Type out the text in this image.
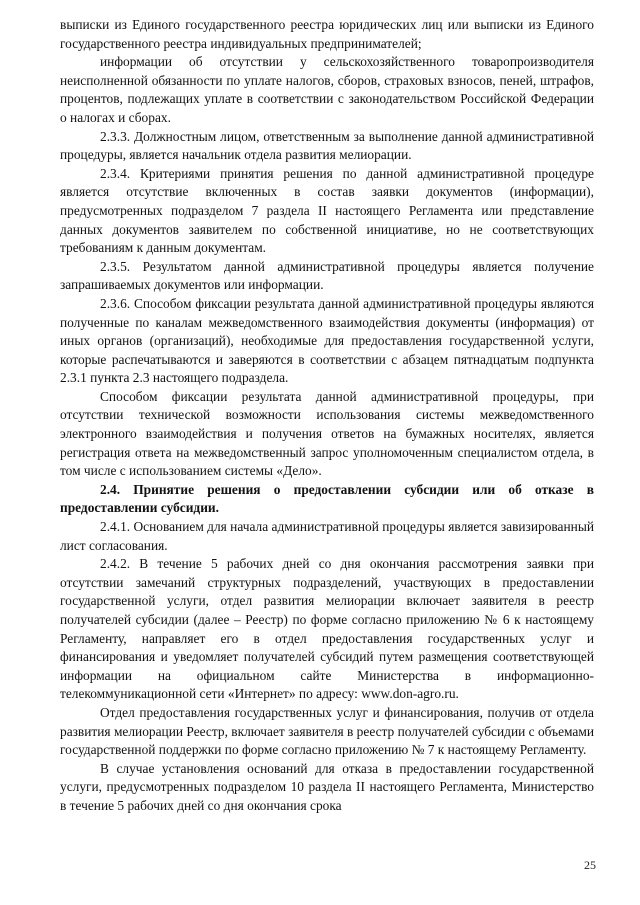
выписки из Единого государственного реестра юридических лиц или выписки из Единого государственного реестра индивидуальных предпринимателей;

информации об отсутствии у сельскохозяйственного товаропроизводителя неисполненной обязанности по уплате налогов, сборов, страховых взносов, пеней, штрафов, процентов, подлежащих уплате в соответствии с законодательством Российской Федерации о налогах и сборах.

2.3.3. Должностным лицом, ответственным за выполнение данной административной процедуры, является начальник отдела развития мелиорации.

2.3.4. Критериями принятия решения по данной административной процедуре является отсутствие включенных в состав заявки документов (информации), предусмотренных подразделом 7 раздела II настоящего Регламента или представление данных документов заявителем по собственной инициативе, но не соответствующих требованиям к данным документам.

2.3.5. Результатом данной административной процедуры является получение запрашиваемых документов или информации.

2.3.6. Способом фиксации результата данной административной процедуры являются полученные по каналам межведомственного взаимодействия документы (информация) от иных органов (организаций), необходимые для предоставления государственной услуги, которые распечатываются и заверяются в соответствии с абзацем пятнадцатым подпункта 2.3.1 пункта 2.3 настоящего подраздела.

Способом фиксации результата данной административной процедуры, при отсутствии технической возможности использования системы межведомственного электронного взаимодействия и получения ответов на бумажных носителях, является регистрация ответа на межведомственный запрос уполномоченным специалистом отдела, в том числе с использованием системы «Дело».

2.4. Принятие решения о предоставлении субсидии или об отказе в предоставлении субсидии.

2.4.1. Основанием для начала административной процедуры является завизированный лист согласования.

2.4.2. В течение 5 рабочих дней со дня окончания рассмотрения заявки при отсутствии замечаний структурных подразделений, участвующих в предоставлении государственной услуги, отдел развития мелиорации включает заявителя в реестр получателей субсидии (далее – Реестр) по форме согласно приложению № 6 к настоящему Регламенту, направляет его в отдел предоставления государственных услуг и финансирования и уведомляет получателей субсидий путем размещения соответствующей информации на официальном сайте Министерства в информационно-телекоммуникационной сети «Интернет» по адресу: www.don-agro.ru.

Отдел предоставления государственных услуг и финансирования, получив от отдела развития мелиорации Реестр, включает заявителя в реестр получателей субсидии с объемами государственной поддержки по форме согласно приложению № 7 к настоящему Регламенту.

В случае установления оснований для отказа в предоставлении государственной услуги, предусмотренных подразделом 10 раздела II настоящего Регламента, Министерство в течение 5 рабочих дней со дня окончания срока

25
